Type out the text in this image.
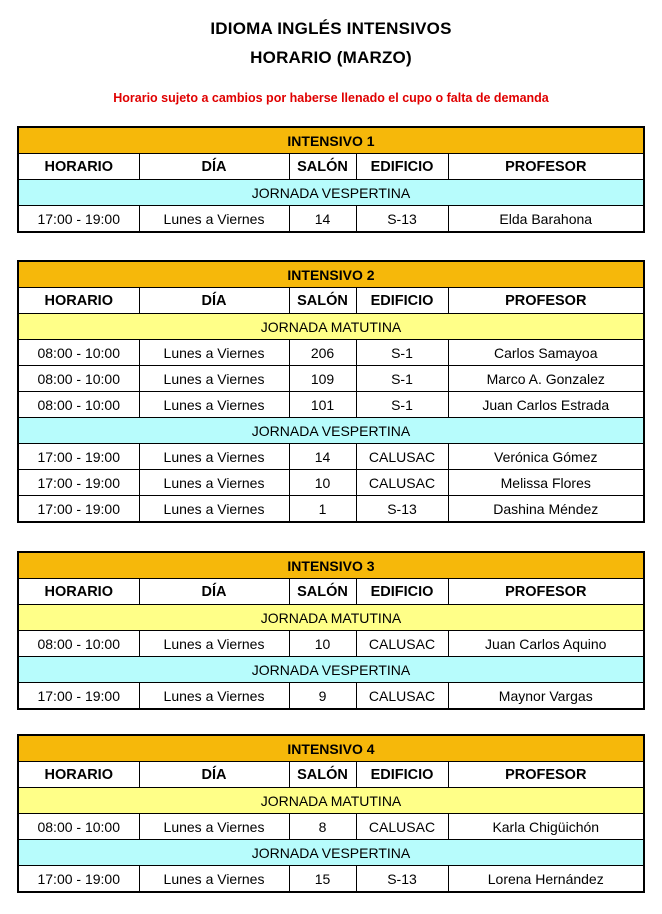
IDIOMA INGLÉS INTENSIVOS
HORARIO (MARZO)
Horario sujeto a cambios por haberse llenado el cupo o falta de demanda
INTENSIVO 1				
HORARIO	DÍA	SALÓN	EDIFICIO	PROFESOR
JORNADA VESPERTINA				
17:00 - 19:00	Lunes a Viernes	14	S-13	Elda Barahona
INTENSIVO 2				
HORARIO	DÍA	SALÓN	EDIFICIO	PROFESOR
JORNADA MATUTINA				
08:00 - 10:00	Lunes a Viernes	206	S-1	Carlos Samayoa
08:00 - 10:00	Lunes a Viernes	109	S-1	Marco A. Gonzalez
08:00 - 10:00	Lunes a Viernes	101	S-1	Juan Carlos Estrada
JORNADA VESPERTINA				
17:00 - 19:00	Lunes a Viernes	14	CALUSAC	Verónica Gómez
17:00 - 19:00	Lunes a Viernes	10	CALUSAC	Melissa Flores
17:00 - 19:00	Lunes a Viernes	1	S-13	Dashina Méndez
INTENSIVO 3				
HORARIO	DÍA	SALÓN	EDIFICIO	PROFESOR
JORNADA MATUTINA				
08:00 - 10:00	Lunes a Viernes	10	CALUSAC	Juan Carlos Aquino
JORNADA VESPERTINA				
17:00 - 19:00	Lunes a Viernes	9	CALUSAC	Maynor Vargas
INTENSIVO 4				
HORARIO	DÍA	SALÓN	EDIFICIO	PROFESOR
JORNADA MATUTINA				
08:00 - 10:00	Lunes a Viernes	8	CALUSAC	Karla Chigüichón
JORNADA VESPERTINA				
17:00 - 19:00	Lunes a Viernes	15	S-13	Lorena Hernández
